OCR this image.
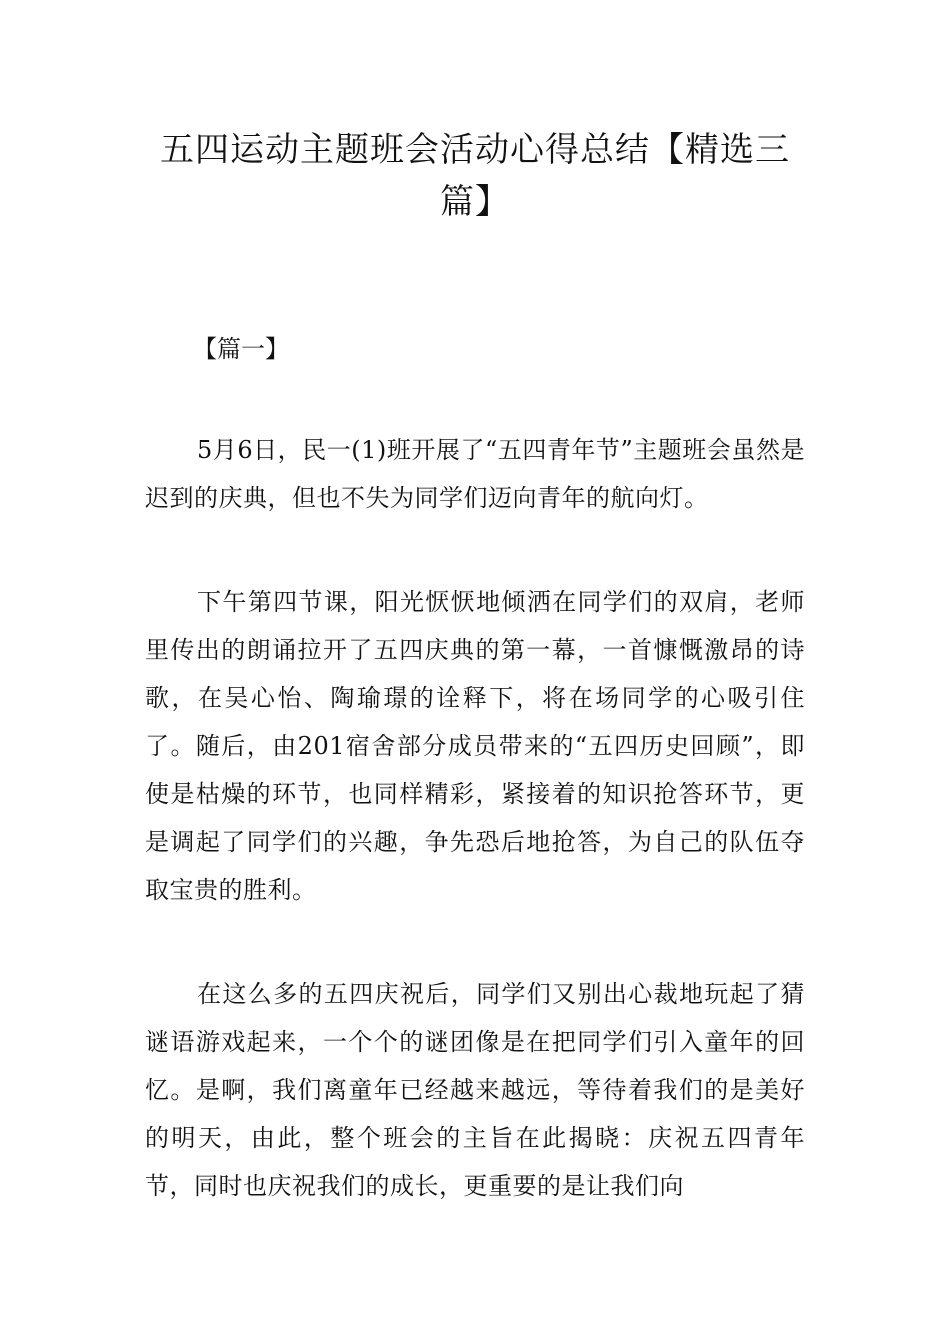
五四运动主题班会活动心得总结【精选三篇】

【篇一】

5月6日，民一(1)班开展了“五四青年节”主题班会虽然是迟到的庆典，但也不失为同学们迈向青年的航向灯。

下午第四节课，阳光恹恹地倾洒在同学们的双肩，老师里传出的朗诵拉开了五四庆典的第一幕，一首慷慨激昂的诗歌，在吴心怡、陶瑜璟的诠释下，将在场同学的心吸引住了。随后，由201宿舍部分成员带来的“五四历史回顾”，即使是枯燥的环节，也同样精彩，紧接着的知识抢答环节，更是调起了同学们的兴趣，争先恐后地抢答，为自己的队伍夺取宝贵的胜利。

在这么多的五四庆祝后，同学们又别出心裁地玩起了猜谜语游戏起来，一个个的谜团像是在把同学们引入童年的回忆。是啊，我们离童年已经越来越远，等待着我们的是美好的明天，由此，整个班会的主旨在此揭晓：庆祝五四青年节，同时也庆祝我们的成长，更重要的是让我们向
